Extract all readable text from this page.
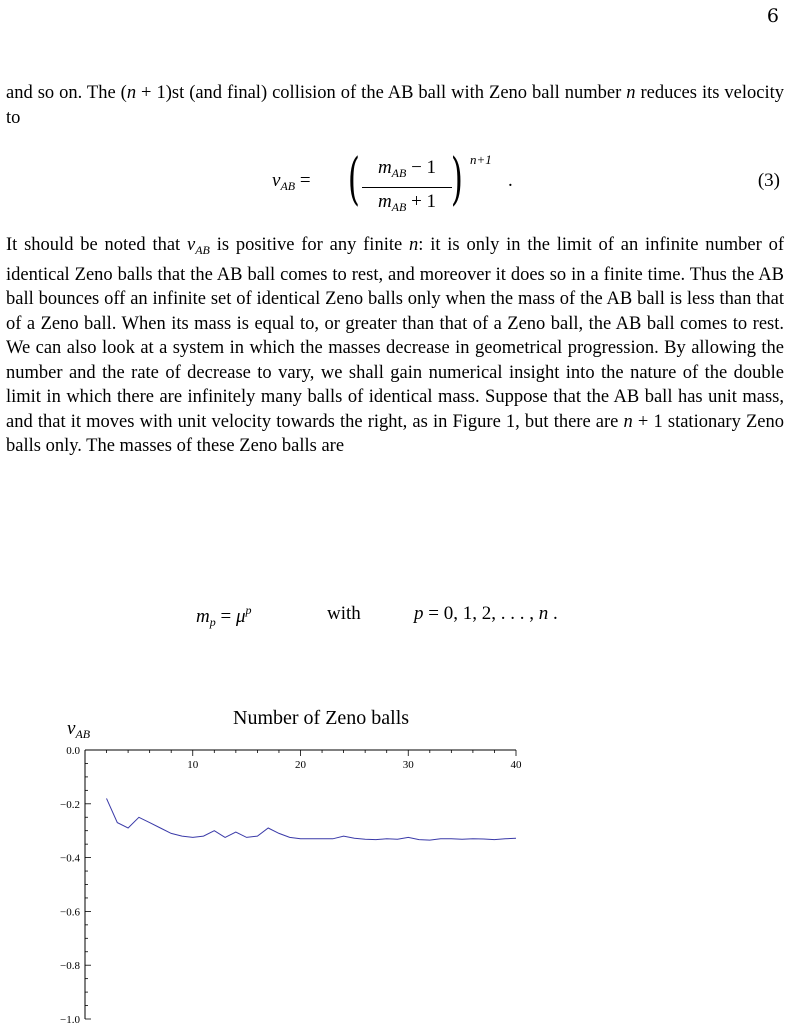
6
and so on. The (n + 1)st (and final) collision of the AB ball with Zeno ball number n reduces its velocity to
$v_{AB}$ = ( $m_{AB} - 1$
$m_{AB} + 1$ ) n+1
.	(3)
It should be noted that $v_{AB}$ is positive for any finite n: it is only in the limit of an infinite number of identical Zeno balls that the AB ball comes to rest, and moreover it does so in a finite time. Thus the AB ball bounces off an infinite set of identical Zeno balls only when the mass of the AB ball is less than that of a Zeno ball. When its mass is equal to, or greater than that of a Zeno ball, the AB ball comes to rest. We can also look at a system in which the masses decrease in geometrical progression. By allowing the number and the rate of decrease to vary, we shall gain numerical insight into the nature of the double limit in which there are infinitely many balls of identical mass. Suppose that the AB ball has unit mass, and that it moves with unit velocity towards the right, as in Figure 1, but there are n + 1 stationary Zeno balls only. The masses of these Zeno balls are
$m_p = \mu^p$	with	p = 0, 1, 2, . . . , n .
Number of Zeno balls
$v_{AB}$
10	20	30	40
0.0
−0.2
−0.4
−0.6
−0.8
−1.0
